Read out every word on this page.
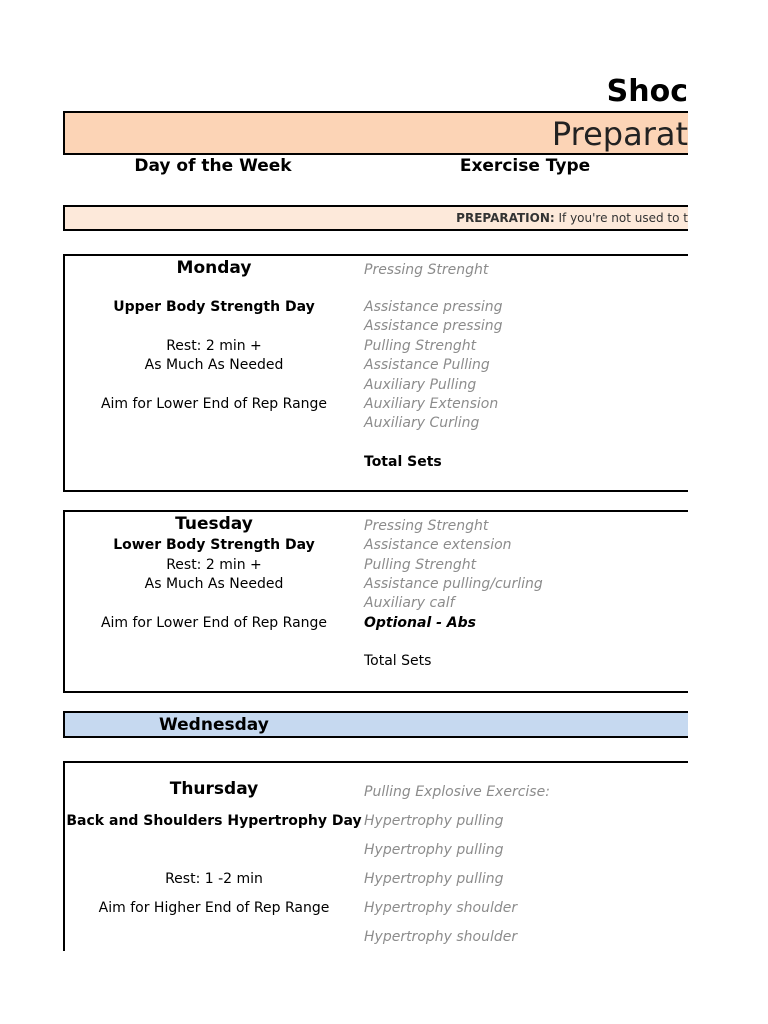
Shoc
Preparat
Day of the Week	Exercise Type
PREPARATION: If you're not used to t
Monday
Upper Body Strength Day
Rest: 2 min +
As Much As Needed
Aim for Lower End of Rep Range
Pressing Strenght
Assistance pressing
Assistance pressing
Pulling Strenght
Assistance Pulling
Auxiliary Pulling
Auxiliary Extension
Auxiliary Curling
Total Sets
Tuesday
Lower Body Strength Day
Rest: 2 min +
As Much As Needed
Aim for Lower End of Rep Range
Pressing Strenght
Assistance extension
Pulling Strenght
Assistance pulling/curling
Auxiliary calf
Optional - Abs
Total Sets
Wednesday
Thursday
Back and Shoulders Hypertrophy Day
Rest: 1 -2 min
Aim for Higher End of Rep Range
Pulling Explosive Exercise:
Hypertrophy pulling
Hypertrophy pulling
Hypertrophy pulling
Hypertrophy shoulder
Hypertrophy shoulder
